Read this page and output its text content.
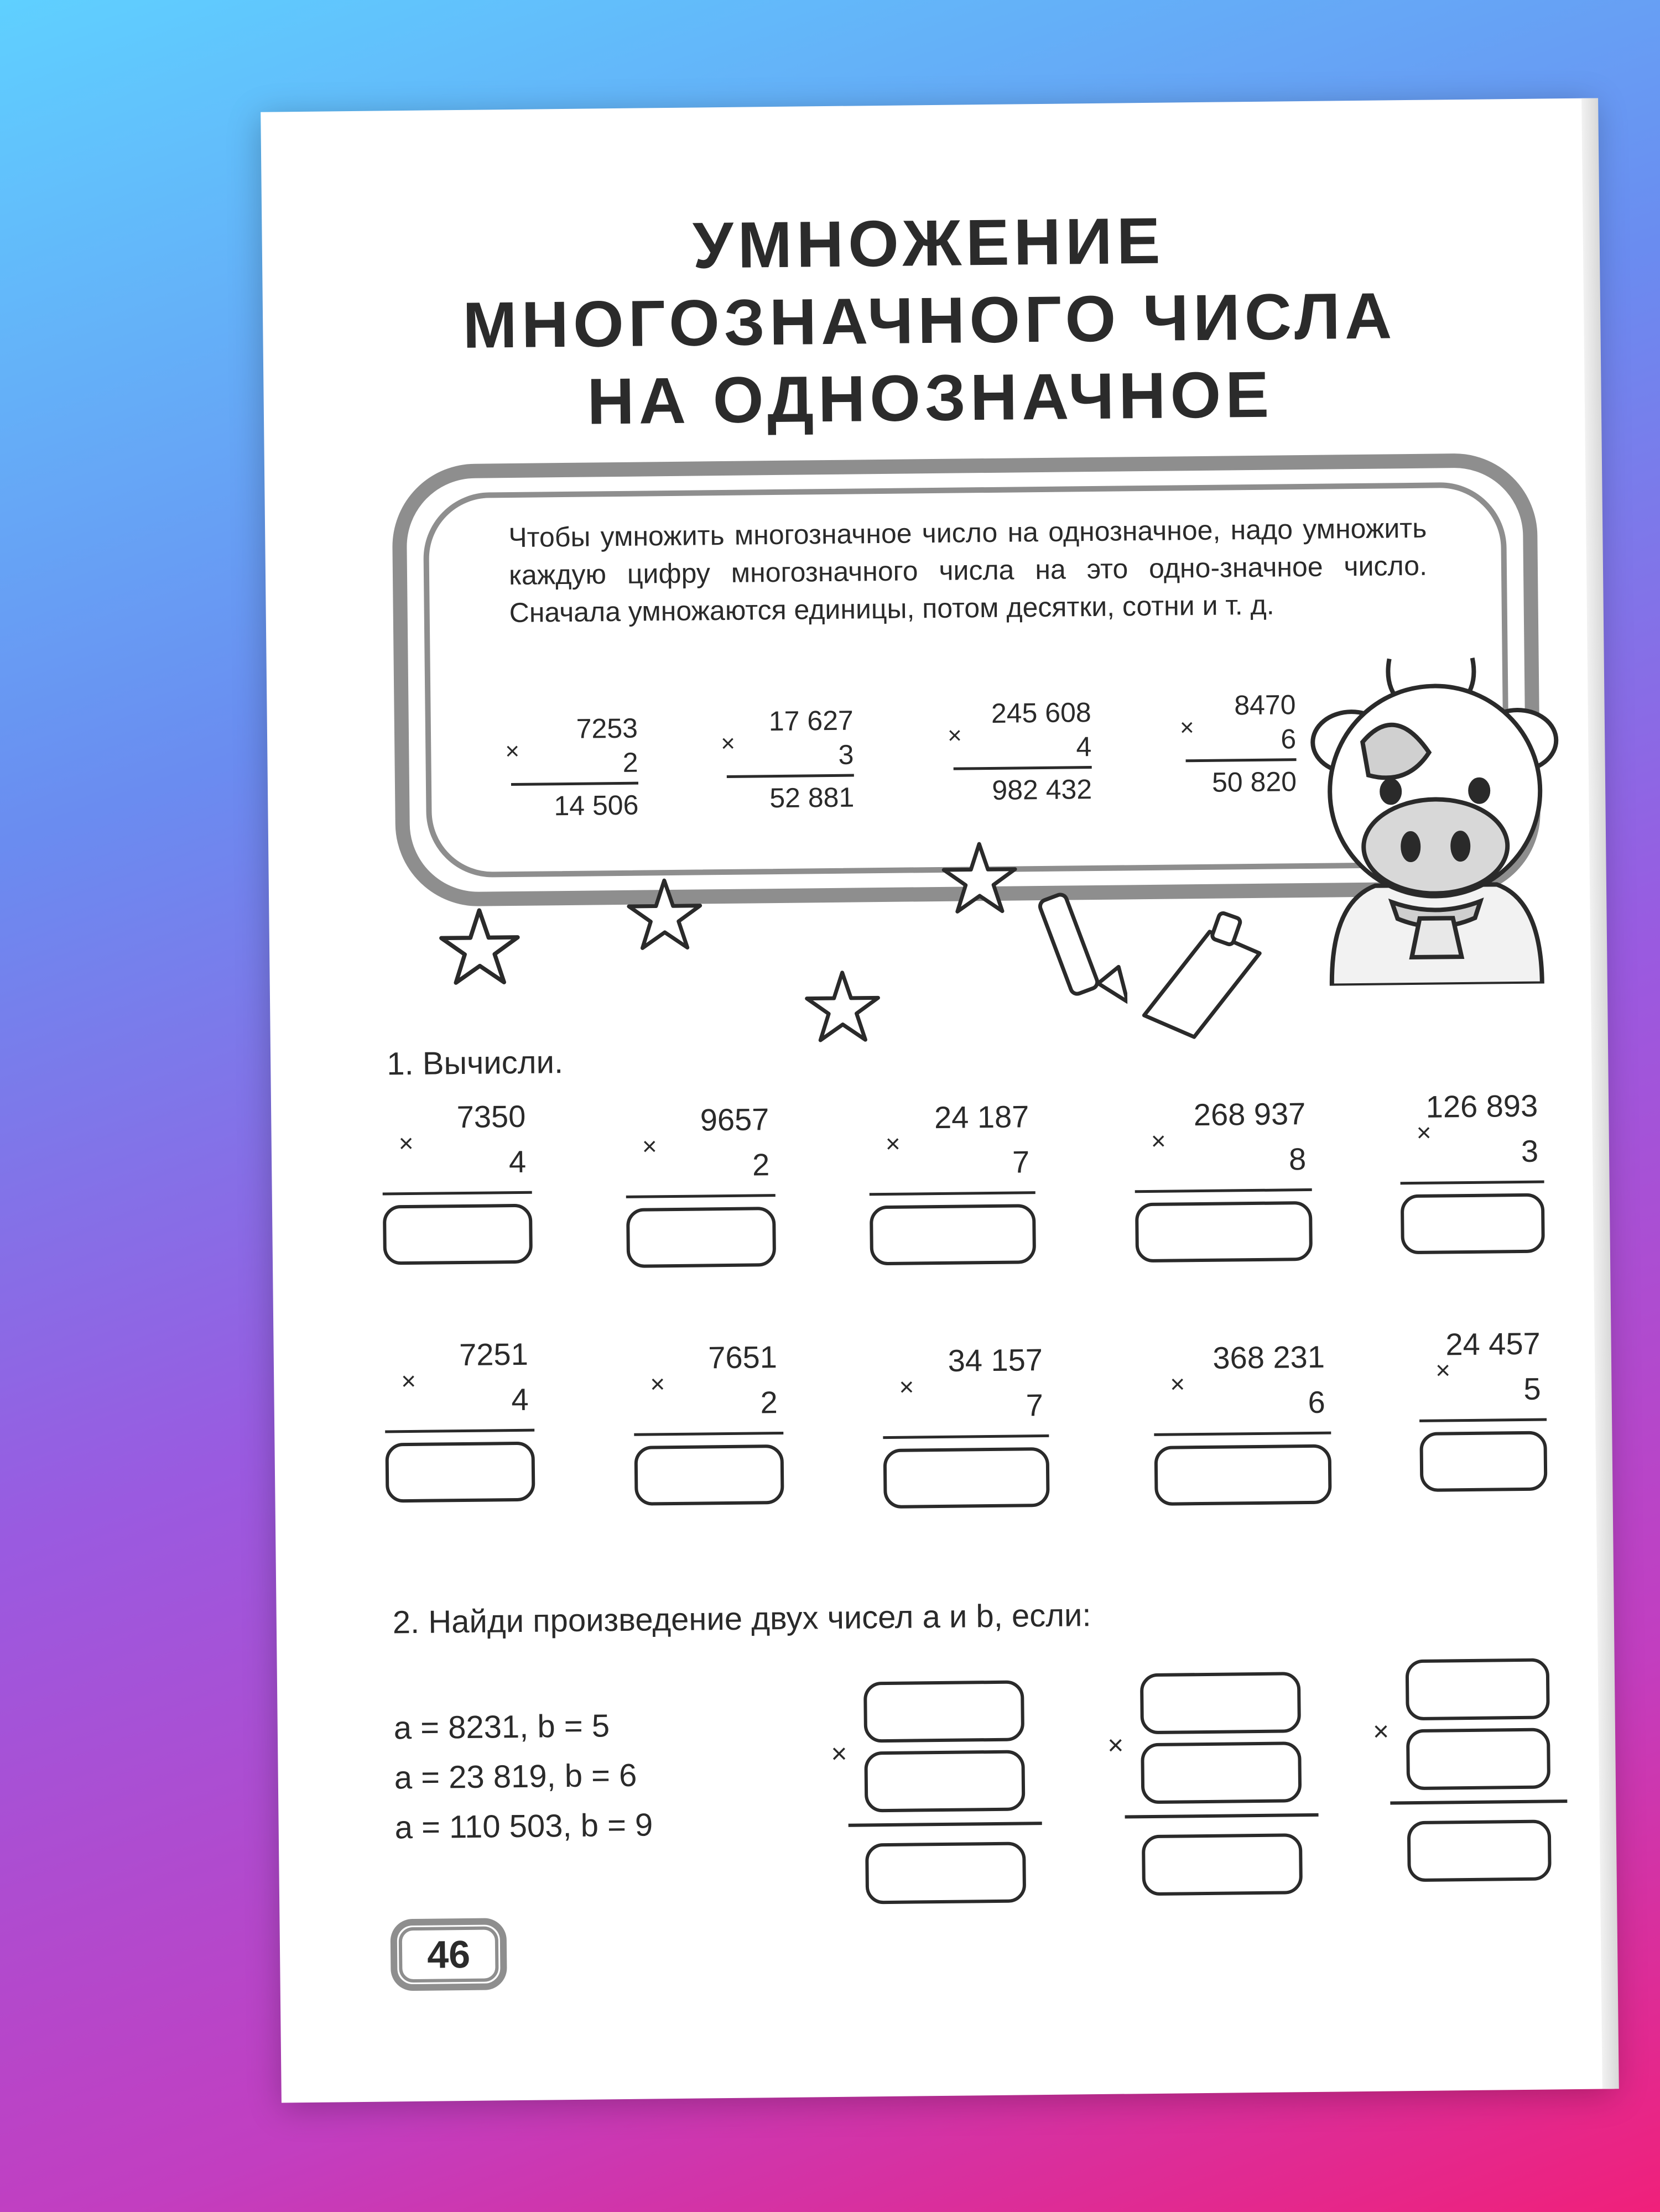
УМНОЖЕНИЕ
МНОГОЗНАЧНОГО ЧИСЛА
НА ОДНОЗНАЧНОЕ
Чтобы умножить многозначное число на однозначное, надо умножить каждую цифру многозначного числа на это одно-значное число. Сначала умножаются единицы, потом десятки, сотни и т. д.
×
7253
2
14 506
×
17 627
3
52 881
×
245 608
4
982 432
×
8470
6
50 820
1. Вычисли.
×
7350
4	×
9657
2
×
24 187
7
×
268 937
8
×
126 893
3
×
7251
4	×
7651
2	×
34 157
7
×
368 231
6
×
24 457
5
2. Найди произведение двух чисел a и b, если:
a = 8231, b = 5
a = 23 819, b = 6
a = 110 503, b = 9
×	×	×
46
